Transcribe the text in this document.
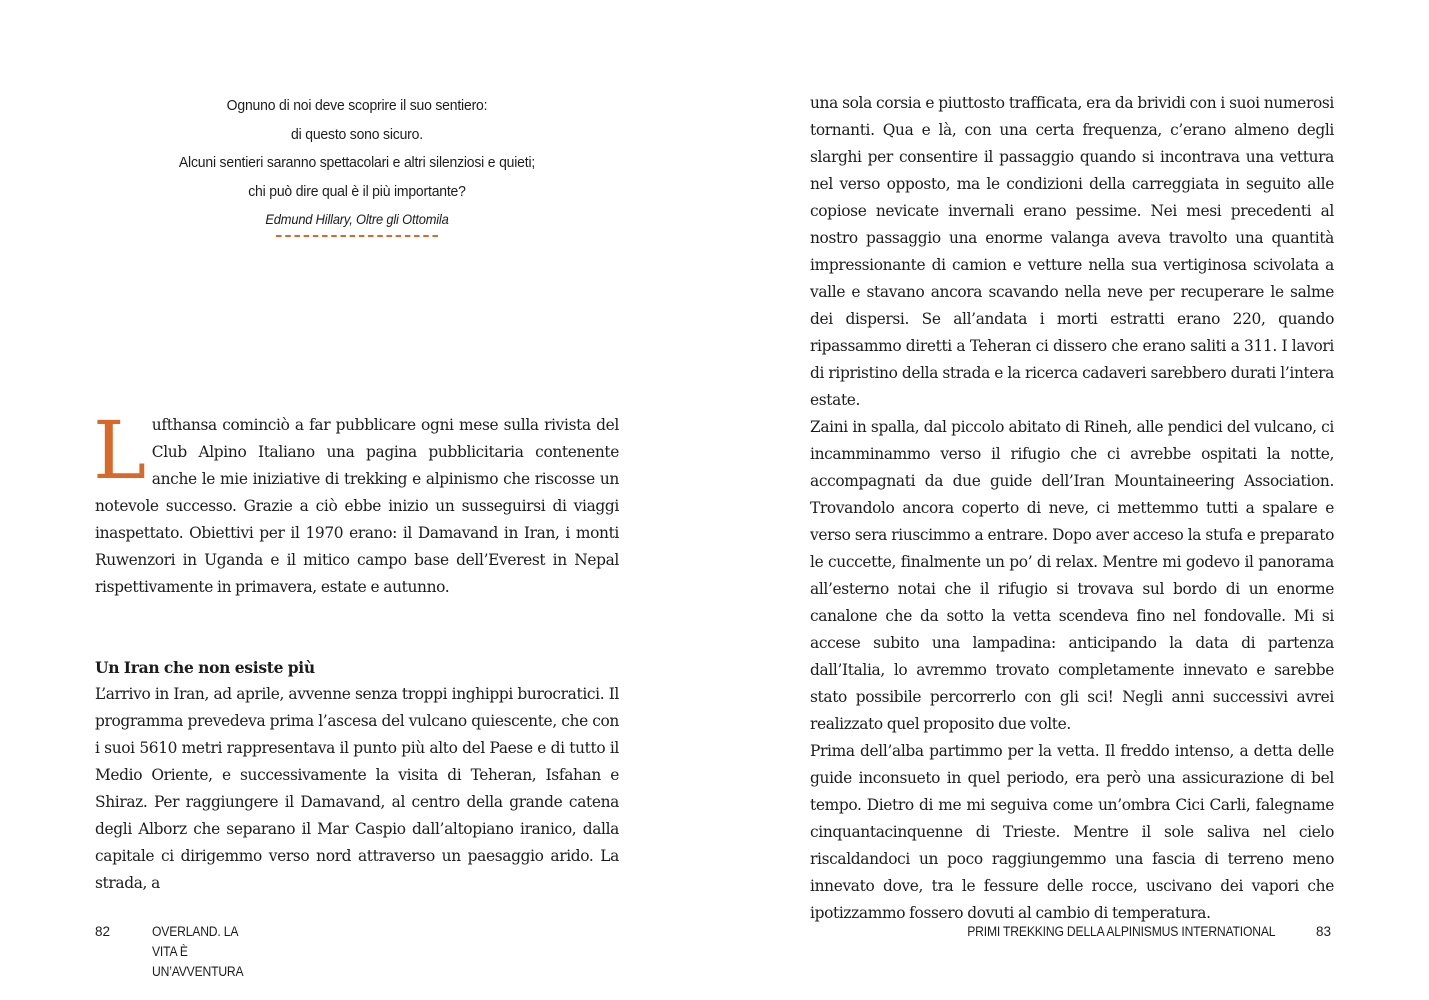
Ognuno di noi deve scoprire il suo sentiero:
di questo sono sicuro.
Alcuni sentieri saranno spettacolari e altri silenziosi e quieti;
chi può dire qual è il più importante?
Edmund Hillary, Oltre gli Ottomila
L ufthansa cominciò a far pubblicare ogni mese sulla rivista del Club Alpino Italiano una pagina pubblicitaria contenente anche le mie iniziative di trekking e alpinismo che riscosse un notevole successo. Grazie a ciò ebbe inizio un susseguirsi di viaggi inaspettato. Obiettivi per il 1970 erano: il Damavand in Iran, i monti Ruwenzori in Uganda e il mitico campo base dell’Everest in Nepal rispettivamente in primavera, estate e autunno.
Un Iran che non esiste più

L’arrivo in Iran, ad aprile, avvenne senza troppi inghippi burocratici. Il programma prevedeva prima l’ascesa del vulcano quiescente, che con i suoi 5610 metri rappresentava il punto più alto del Paese e di tutto il Medio Oriente, e successivamente la visita di Teheran, Isfahan e Shiraz. Per raggiungere il Damavand, al centro della grande catena degli Alborz che separano il Mar Caspio dall’altopiano iranico, dalla capitale ci dirigemmo verso nord attraverso un paesaggio arido. La strada, a

82	OVERLAND. LA VITA È UN’AVVENTURA

una sola corsia e piuttosto trafficata, era da brividi con i suoi numerosi tornanti. Qua e là, con una certa frequenza, c’erano almeno degli slarghi per consentire il passaggio quando si incontrava una vettura nel verso opposto, ma le condizioni della carreggiata in seguito alle copiose nevicate invernali erano pessime. Nei mesi precedenti al nostro passaggio una enorme valanga aveva travolto una quantità impressionante di camion e vetture nella sua vertiginosa scivolata a valle e stavano ancora scavando nella neve per recuperare le salme dei dispersi. Se all’andata i morti estratti erano 220, quando ripassammo diretti a Teheran ci dissero che erano saliti a 311. I lavori di ripristino della strada e la ricerca cadaveri sarebbero durati l’intera estate.

Zaini in spalla, dal piccolo abitato di Rineh, alle pendici del vulcano, ci incamminammo verso il rifugio che ci avrebbe ospitati la notte, accompagnati da due guide dell’Iran Mountaineering Association. Trovandolo ancora coperto di neve, ci mettemmo tutti a spalare e verso sera riuscimmo a entrare. Dopo aver acceso la stufa e preparato le cuccette, finalmente un po’ di relax. Mentre mi godevo il panorama all’esterno notai che il rifugio si trovava sul bordo di un enorme canalone che da sotto la vetta scendeva fino nel fondovalle. Mi si accese subito una lampadina: anticipando la data di partenza dall’Italia, lo avremmo trovato completamente innevato e sarebbe stato possibile percorrerlo con gli sci! Negli anni successivi avrei realizzato quel proposito due volte.

Prima dell’alba partimmo per la vetta. Il freddo intenso, a detta delle guide inconsueto in quel periodo, era però una assicurazione di bel tempo. Dietro di me mi seguiva come un’ombra Cici Carli, falegname cinquantacinquenne di Trieste. Mentre il sole saliva nel cielo riscaldandoci un poco raggiungemmo una fascia di terreno meno innevato dove, tra le fessure delle rocce, uscivano dei vapori che ipotizzammo fossero dovuti al cambio di temperatura.

PRIMI TREKKING DELLA ALPINISMUS INTERNATIONAL	83
